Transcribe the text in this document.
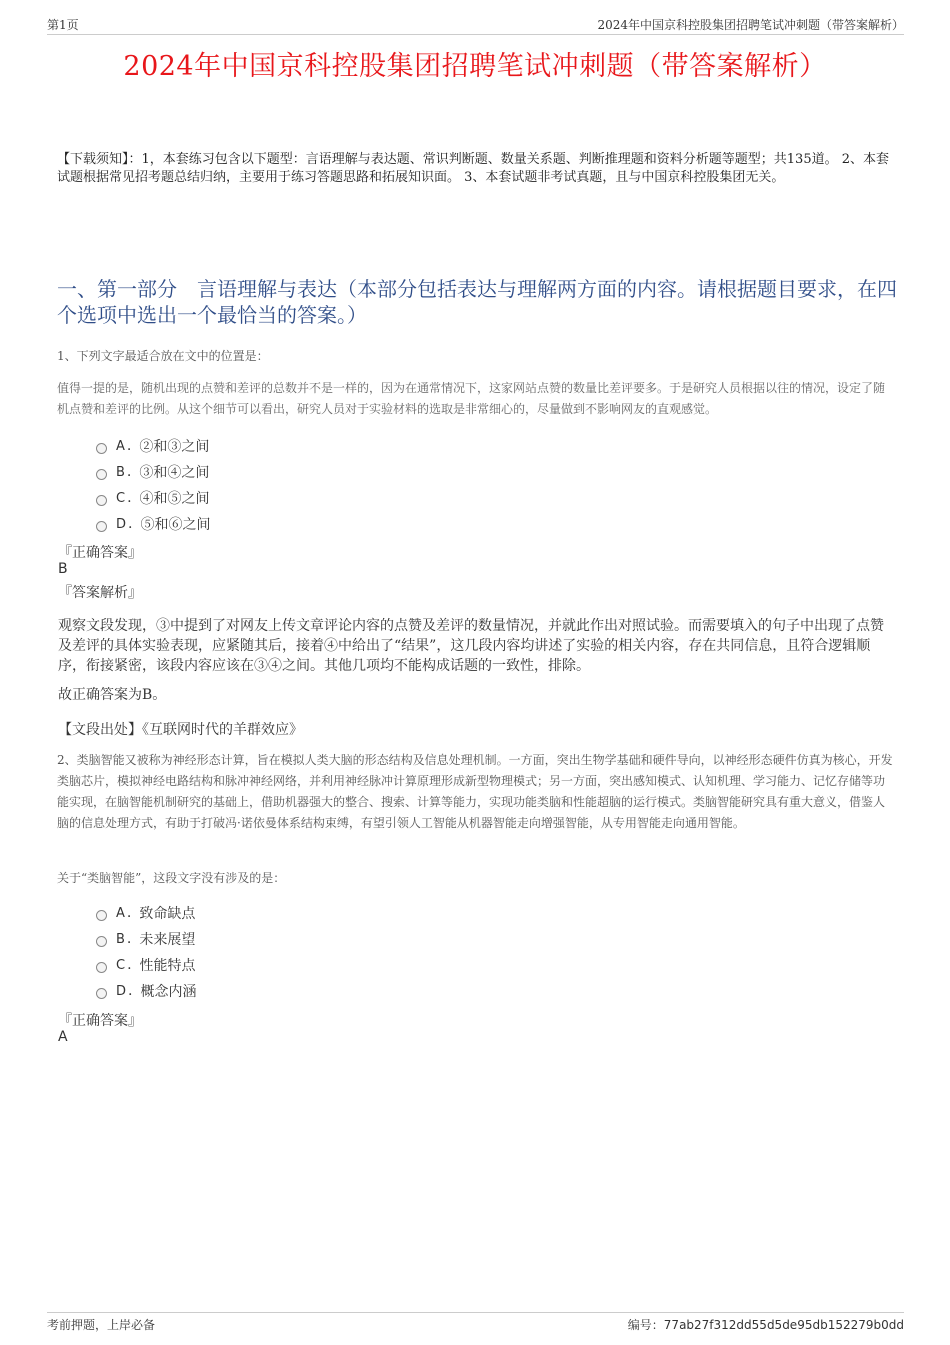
第1页	2024年中国京科控股集团招聘笔试冲刺题（带答案解析）
2024年中国京科控股集团招聘笔试冲刺题（带答案解析）
【下载须知】：1，本套练习包含以下题型：言语理解与表达题、常识判断题、数量关系题、判断推理题和资料分析题等题型；共135道。 2、本套试题根据常见招考题总结归纳，主要用于练习答题思路和拓展知识面。 3、本套试题非考试真题，且与中国京科控股集团无关。
一、第一部分　言语理解与表达（本部分包括表达与理解两方面的内容。请根据题目要求，在四个选项中选出一个最恰当的答案。）
1、下列文字最适合放在文中的位置是：
值得一提的是，随机出现的点赞和差评的总数并不是一样的，因为在通常情况下，这家网站点赞的数量比差评要多。于是研究人员根据以往的情况，设定了随机点赞和差评的比例。从这个细节可以看出，研究人员对于实验材料的选取是非常细心的，尽量做到不影响网友的直观感觉。
A . ②和③之间
B . ③和④之间
C . ④和⑤之间
D . ⑤和⑥之间
『正确答案』
B
『答案解析』
观察文段发现，③中提到了对网友上传文章评论内容的点赞及差评的数量情况，并就此作出对照试验。而需要填入的句子中出现了点赞及差评的具体实验表现，应紧随其后，接着④中给出了“结果”，这几段内容均讲述了实验的相关内容，存在共同信息，且符合逻辑顺序，衔接紧密，该段内容应该在③④之间。其他几项均不能构成话题的一致性，排除。
故正确答案为B。
【文段出处】《互联网时代的羊群效应》
2、类脑智能又被称为神经形态计算，旨在模拟人类大脑的形态结构及信息处理机制。一方面，突出生物学基础和硬件导向，以神经形态硬件仿真为核心，开发类脑芯片，模拟神经电路结构和脉冲神经网络，并利用神经脉冲计算原理形成新型物理模式；另一方面，突出感知模式、认知机理、学习能力、记忆存储等功能实现，在脑智能机制研究的基础上，借助机器强大的整合、搜索、计算等能力，实现功能类脑和性能超脑的运行模式。类脑智能研究具有重大意义，借鉴人脑的信息处理方式，有助于打破冯·诺依曼体系结构束缚，有望引领人工智能从机器智能走向增强智能，从专用智能走向通用智能。
关于“类脑智能”，这段文字没有涉及的是：
A . 致命缺点
B . 未来展望
C . 性能特点
D . 概念内涵
『正确答案』
A
考前押题，上岸必备	编号：77ab27f312dd55d5de95db152279b0dd
